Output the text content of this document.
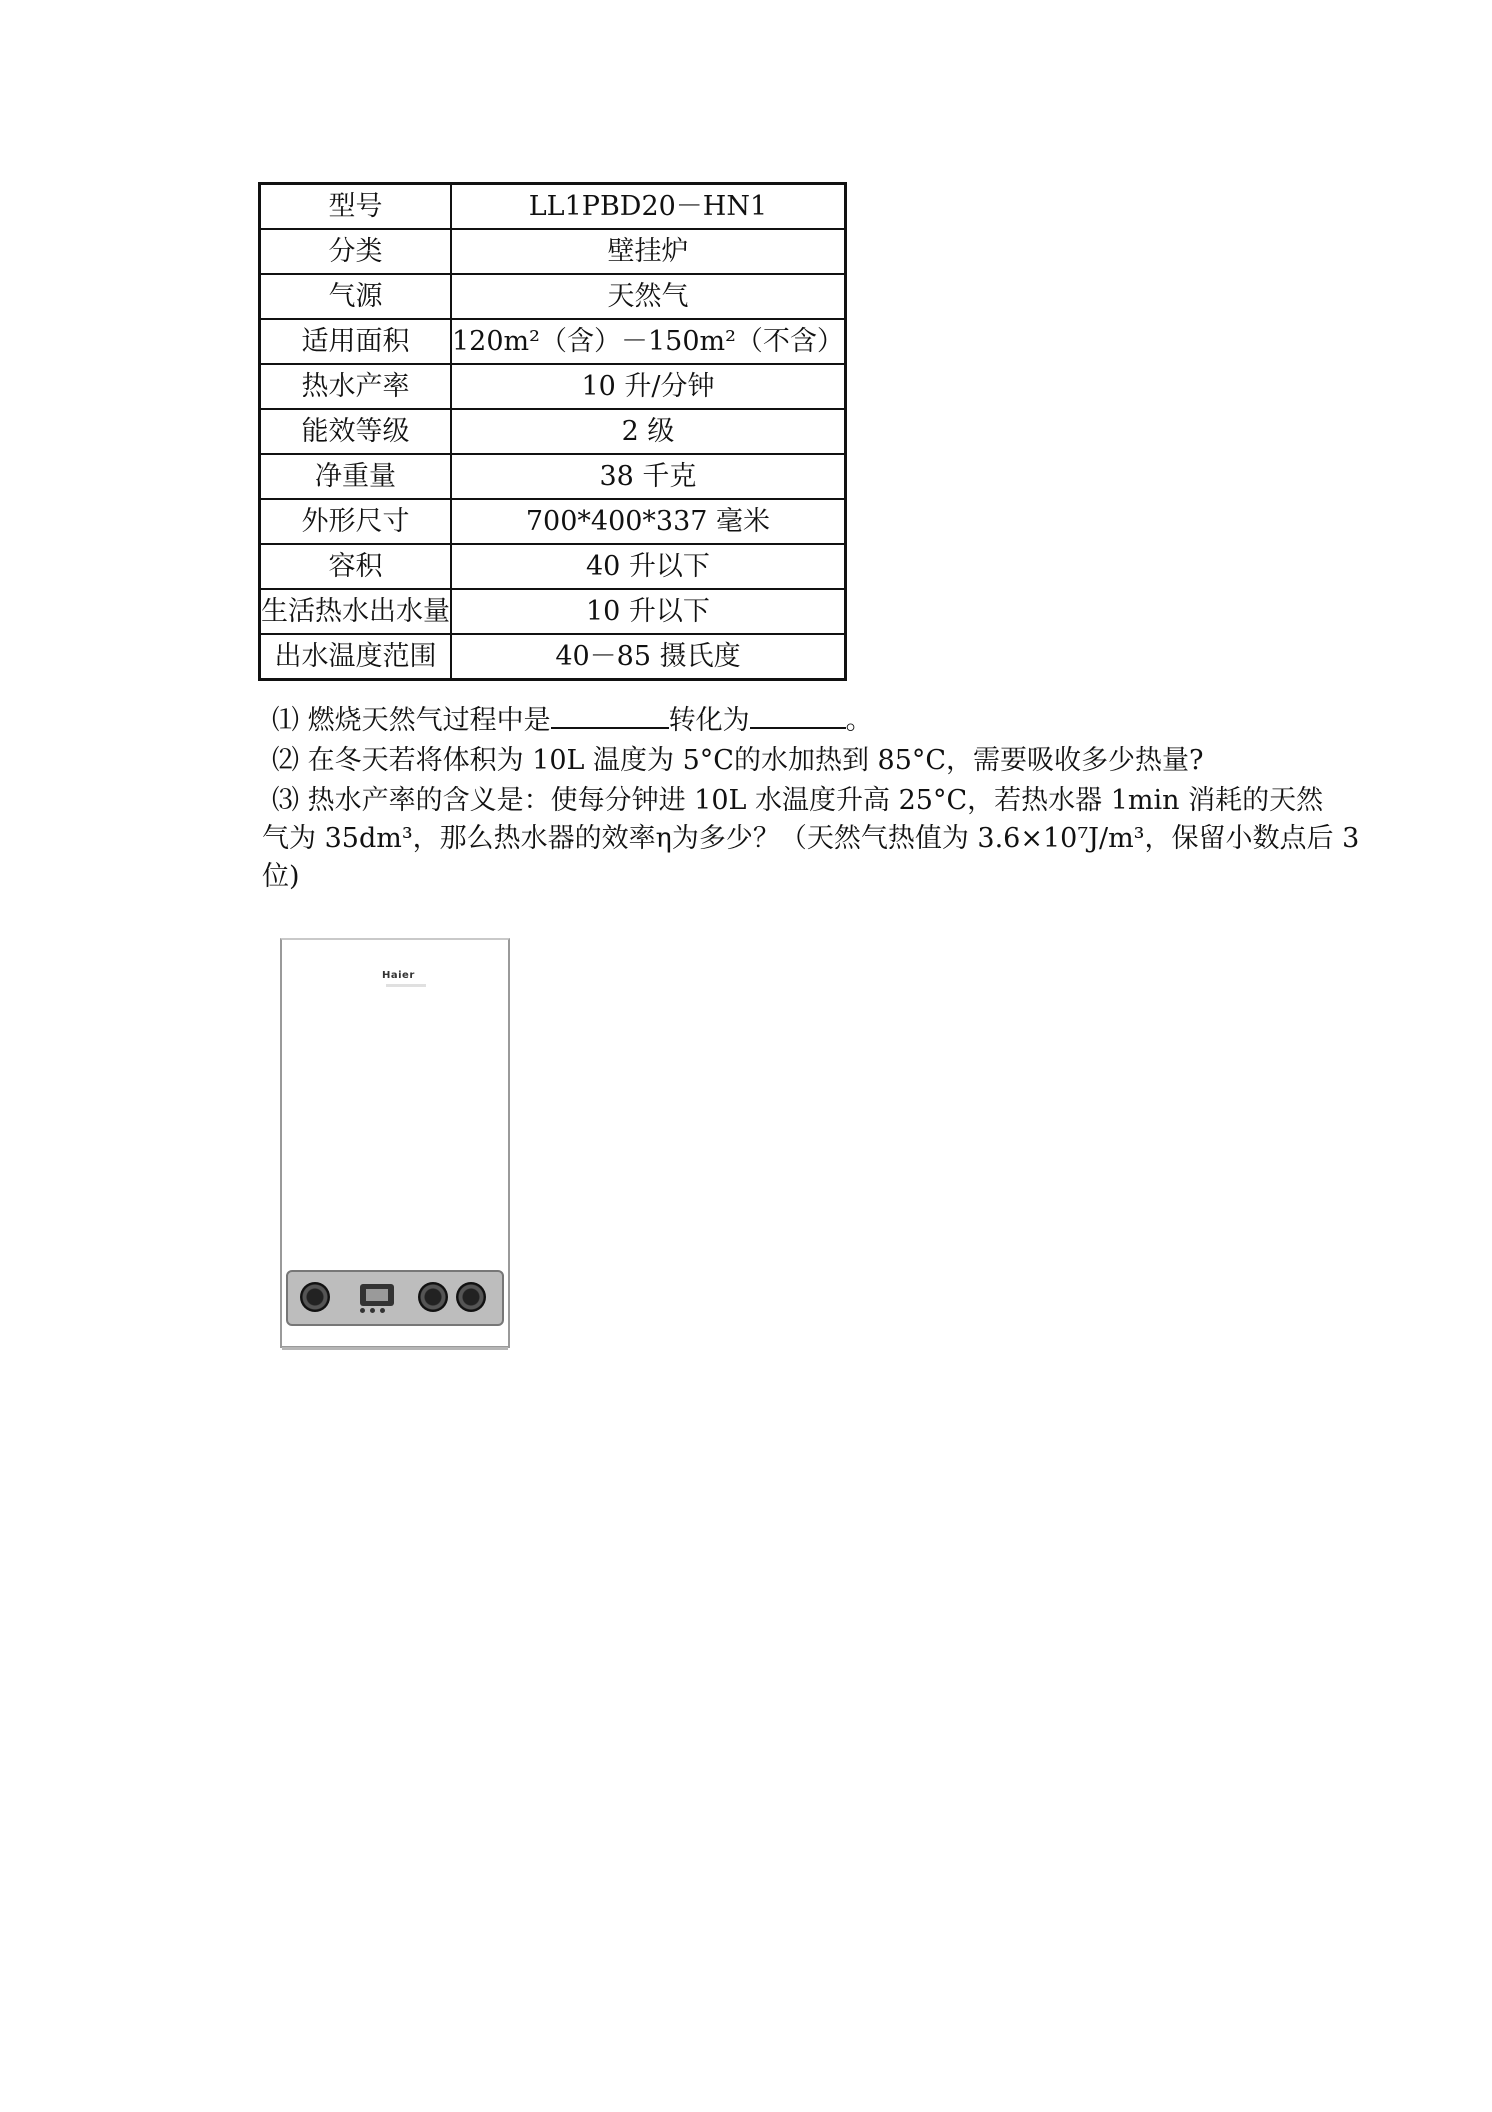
型号	LL1PBD20－HN1
分类	壁挂炉
气源	天然气
适用面积	120m²（含）－150m²（不含）
热水产率	10 升/分钟
能效等级	2 级
净重量	38 千克
外形尺寸	700*400*337 毫米
容积	40 升以下
生活热水出水量	10 升以下
出水温度范围	40－85 摄氏度
⑴ 燃烧天然气过程中是	转化为	。
⑵ 在冬天若将体积为 10L 温度为 5°C的水加热到 85°C，需要吸收多少热量?
⑶ 热水产率的含义是：使每分钟进 10L 水温度升高 25°C，若热水器 1min 消耗的天然
气为 35dm³，那么热水器的效率η为多少？（天然气热值为 3.6×10⁷J/m³，保留小数点后 3
位)
Haier
